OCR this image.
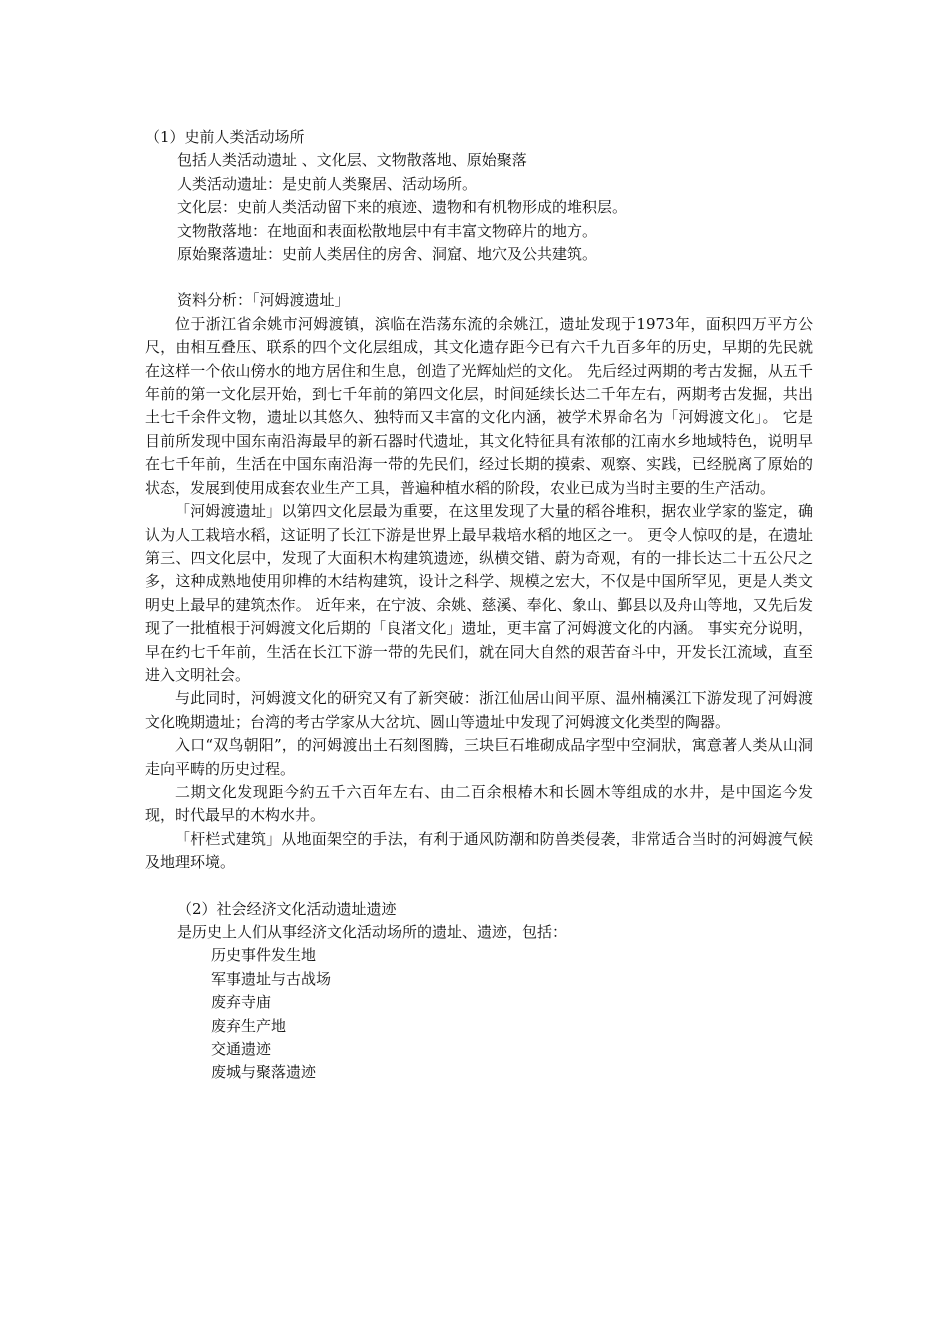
（1）史前人类活动场所

包括人类活动遗址 、文化层、文物散落地、原始聚落

人类活动遗址：是史前人类聚居、活动场所。

文化层：史前人类活动留下来的痕迹、遗物和有机物形成的堆积层。

文物散落地：在地面和表面松散地层中有丰富文物碎片的地方。

原始聚落遗址：史前人类居住的房舍、洞窟、地穴及公共建筑。

资料分析：「河姆渡遗址」

位于浙江省余姚市河姆渡镇，滨临在浩荡东流的余姚江，遗址发现于1973年，面积四万平方公尺，由相互叠压、联系的四个文化层组成，其文化遗存距今已有六千九百多年的历史，早期的先民就在这样一个依山傍水的地方居住和生息，创造了光辉灿烂的文化。 先后经过两期的考古发掘，从五千年前的第一文化层开始，到七千年前的第四文化层，时间延续长达二千年左右，两期考古发掘，共出土七千余件文物，遗址以其悠久、独特而又丰富的文化内涵，被学术界命名为「河姆渡文化」。 它是目前所发现中国东南沿海最早的新石器时代遗址，其文化特征具有浓郁的江南水乡地域特色，说明早在七千年前，生活在中国东南沿海一带的先民们，经过长期的摸索、观察、实践，已经脱离了原始的状态，发展到使用成套农业生产工具，普遍种植水稻的阶段，农业已成为当时主要的生产活动。

「河姆渡遗址」以第四文化层最为重要，在这里发现了大量的稻谷堆积，据农业学家的鉴定，确认为人工栽培水稻，这证明了长江下游是世界上最早栽培水稻的地区之一。 更令人惊叹的是，在遗址第三、四文化层中，发现了大面积木构建筑遗迹，纵横交错、蔚为奇观，有的一排长达二十五公尺之多，这种成熟地使用卯榫的木结构建筑，设计之科学、规模之宏大，不仅是中国所罕见，更是人类文明史上最早的建筑杰作。 近年来，在宁波、余姚、慈溪、奉化、象山、鄞县以及舟山等地，又先后发现了一批植根于河姆渡文化后期的「良渚文化」遗址，更丰富了河姆渡文化的内涵。 事实充分说明，早在约七千年前，生活在长江下游一带的先民们，就在同大自然的艰苦奋斗中，开发长江流域，直至进入文明社会。

与此同时，河姆渡文化的研究又有了新突破：浙江仙居山间平原、温州楠溪江下游发现了河姆渡文化晚期遗址；台湾的考古学家从大岔坑、圆山等遗址中发现了河姆渡文化类型的陶器。

入口“双鸟朝阳”，的河姆渡出土石刻图腾，三块巨石堆砌成品字型中空洞狀，寓意著人类从山洞走向平畴的历史过程。

二期文化发现距今約五千六百年左右、由二百余根椿木和长圆木等组成的水井，是中国迄今发现，时代最早的木构水井。

「杆栏式建筑」从地面架空的手法，有利于通风防潮和防兽类侵袭，非常适合当时的河姆渡气候及地理环境。

（2）社会经济文化活动遗址遗迹

是历史上人们从事经济文化活动场所的遗址、遗迹，包括：

历史事件发生地

军事遗址与古战场

废弃寺庙

废弃生产地

交通遗迹

废城与聚落遗迹
